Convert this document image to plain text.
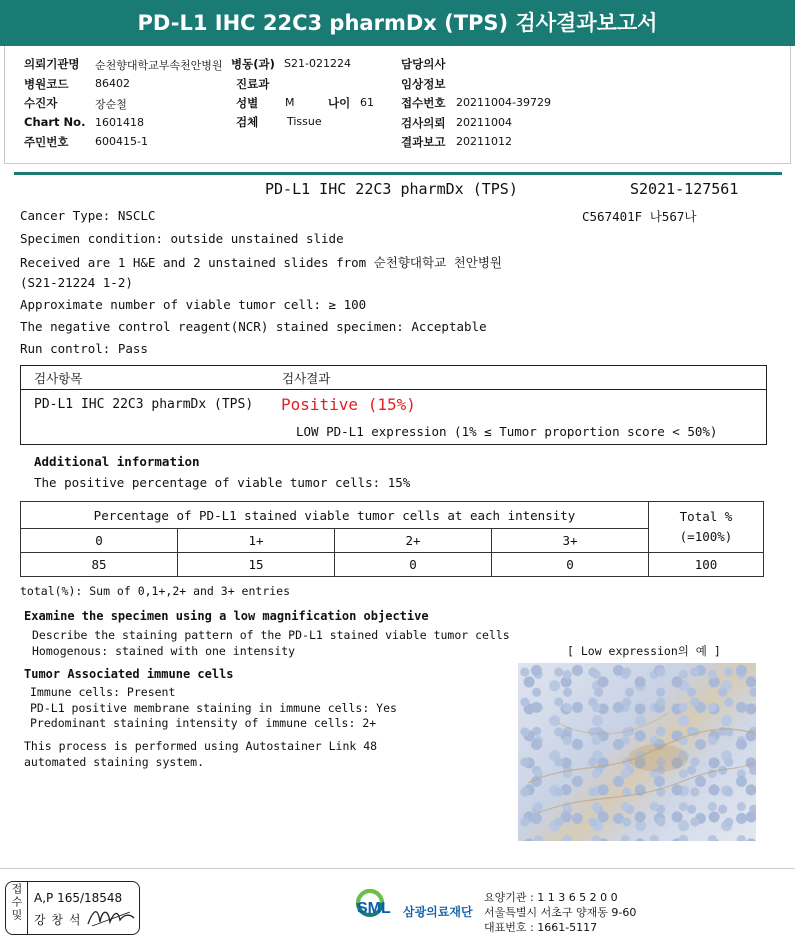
PD-L1 IHC 22C3 pharmDx (TPS) 검사결과보고서
의뢰기관명 순천향대학교부속천안병원 병동(과) S21-021224	담당의사
병원코드 86402	진료과	임상정보
수진자	장순철	성별 M	나이 61 접수번호 20211004-39729
Chart No. 1601418	검체	Tissue	검사의뢰 20211004
주민번호 600415-1	결과보고 20211012
PD-L1 IHC 22C3 pharmDx (TPS)	S2021-127561
Cancer Type: NSCLC	C567401F 나567나
Specimen condition: outside unstained slide
Received are 1 H&E and 2 unstained slides from 순천향대학교 천안병원
(S21-21224 1-2)
Approximate number of viable tumor cell: ≥ 100
The negative control reagent(NCR) stained specimen: Acceptable
Run control: Pass
검사항목	검사결과
PD-L1 IHC 22C3 pharmDx (TPS) Positive (15%)
LOW PD-L1 expression (1% ≤ Tumor proportion score < 50%)
Additional information
The positive percentage of viable tumor cells: 15%
Percentage of PD-L1 stained viable tumor cells at each intensity				Total %
(=100%)
0	1+	2+	3+	
85	15	0	0	100
total(%): Sum of 0,1+,2+ and 3+ entries
Examine the specimen using a low magnification objective
Describe the staining pattern of the PD-L1 stained viable tumor cells
Homogenous: stained with one intensity	[ Low expression의 예 ]
Tumor Associated immune cells
Immune cells: Present
PD-L1 positive membrane staining in immune cells: Yes
Predominant staining intensity of immune cells: 2+
This process is performed using Autostainer Link 48
automated staining system.
접수및 A,P 165/18548
강 창 석
SML 삼광의료재단
요양기관 : 1 1 3 6 5 2 0 0
서울특별시 서초구 양재동 9-60
대표번호 : 1661-5117
